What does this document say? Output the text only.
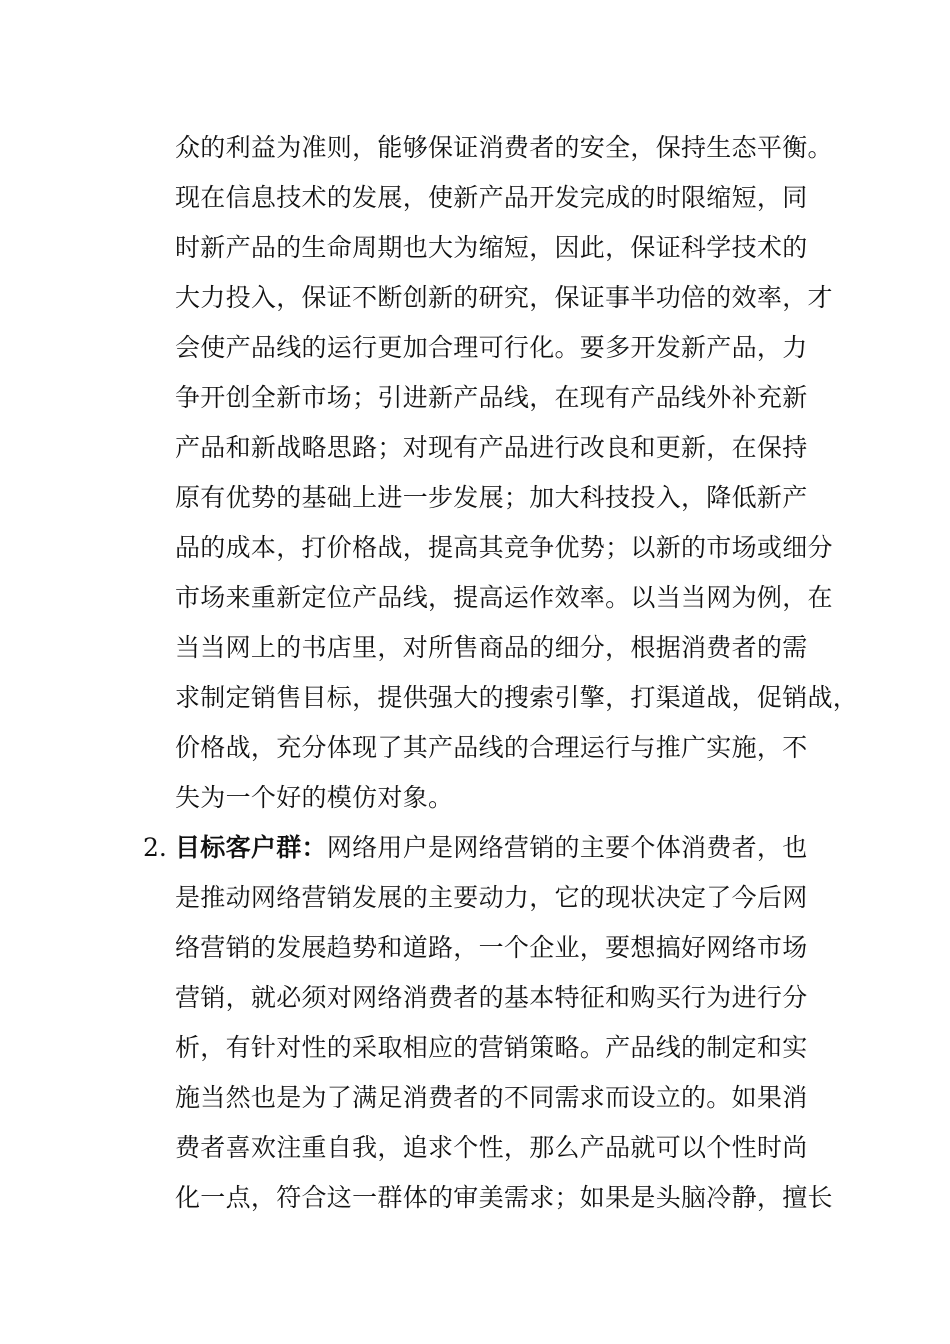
众的利益为准则，能够保证消费者的安全，保持生态平衡。
现在信息技术的发展，使新产品开发完成的时限缩短，同
时新产品的生命周期也大为缩短，因此，保证科学技术的
大力投入，保证不断创新的研究，保证事半功倍的效率，才
会使产品线的运行更加合理可行化。要多开发新产品，力
争开创全新市场；引进新产品线，在现有产品线外补充新
产品和新战略思路；对现有产品进行改良和更新，在保持
原有优势的基础上进一步发展；加大科技投入，降低新产
品的成本，打价格战，提高其竞争优势；以新的市场或细分
市场来重新定位产品线，提高运作效率。以当当网为例，在
当当网上的书店里，对所售商品的细分，根据消费者的需
求制定销售目标，提供强大的搜索引擎，打渠道战，促销战，
价格战，充分体现了其产品线的合理运行与推广实施，不
失为一个好的模仿对象。
2. 目标客户群：网络用户是网络营销的主要个体消费者，也
是推动网络营销发展的主要动力，它的现状决定了今后网
络营销的发展趋势和道路，一个企业，要想搞好网络市场
营销，就必须对网络消费者的基本特征和购买行为进行分
析，有针对性的采取相应的营销策略。产品线的制定和实
施当然也是为了满足消费者的不同需求而设立的。如果消
费者喜欢注重自我，追求个性，那么产品就可以个性时尚
化一点，符合这一群体的审美需求；如果是头脑冷静，擅长
